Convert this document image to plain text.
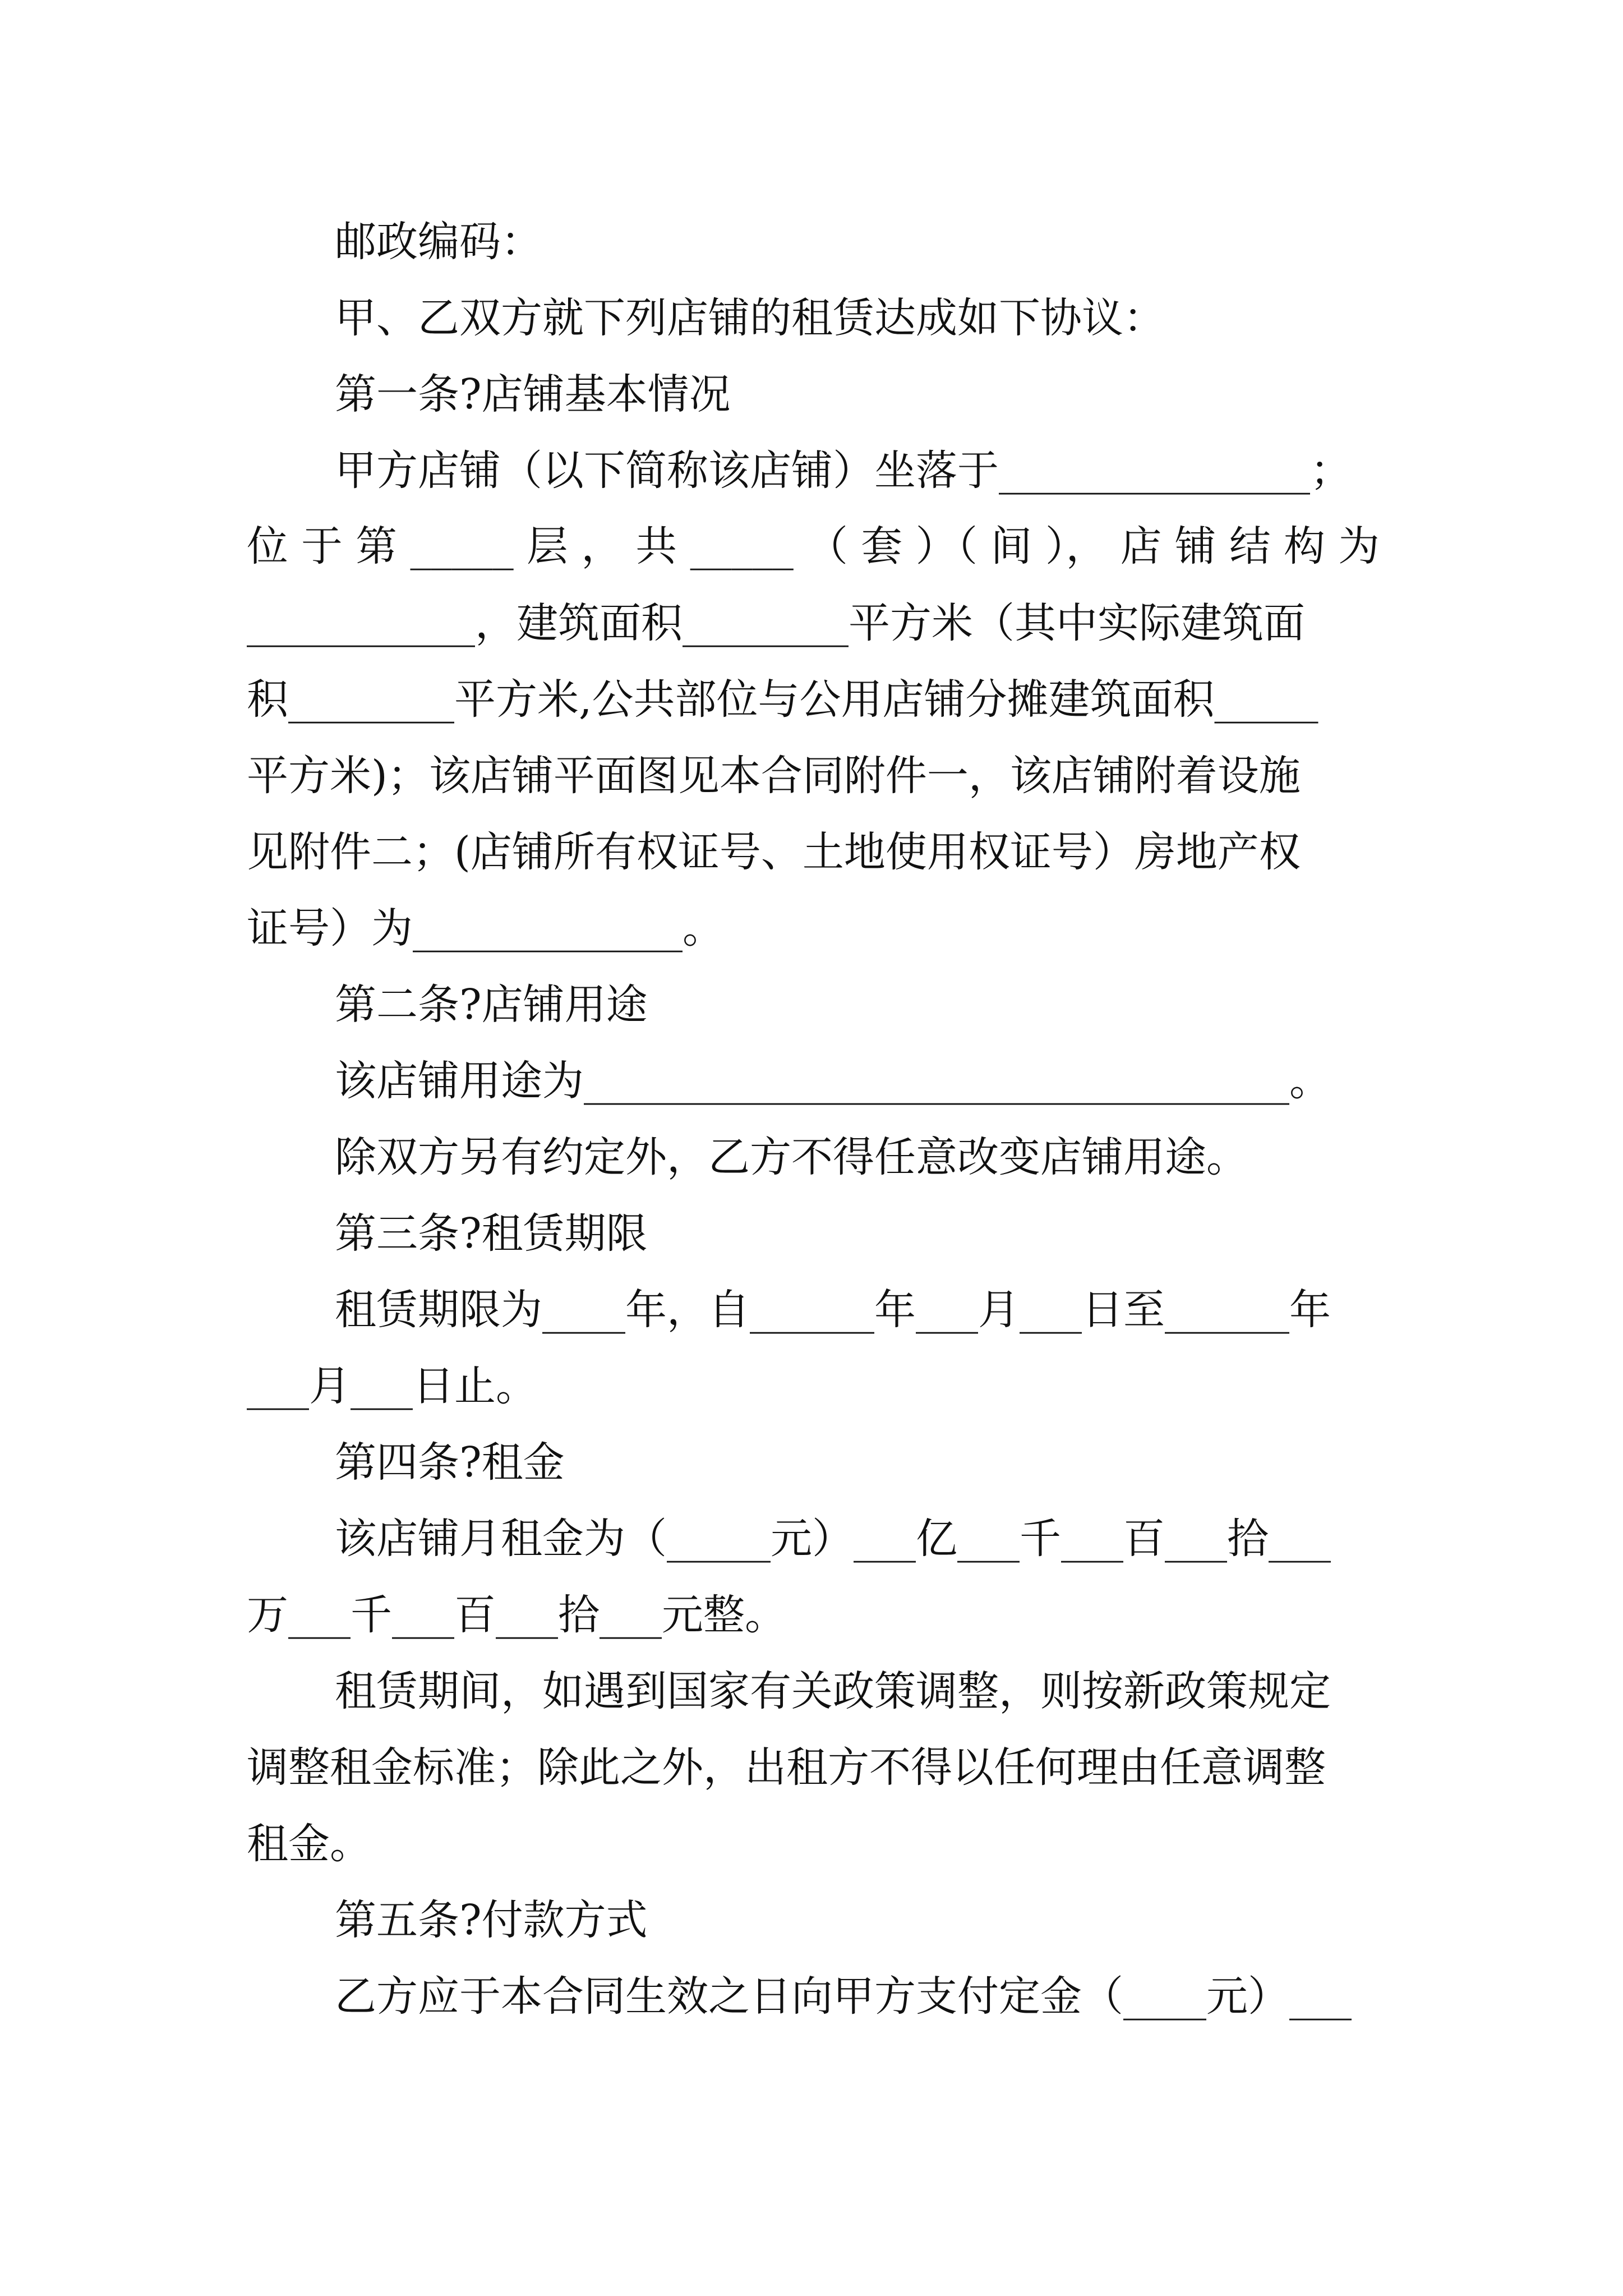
邮政编码：
甲、乙双方就下列店铺的租赁达成如下协议：
第一条?店铺基本情况
甲方店铺（以下简称该店铺）坐落于_______________；
位 于 第 _____ 层 ， 共 _____ （ 套 ）（ 间 ）， 店 铺 结 构 为
___________，建筑面积________平方米（其中实际建筑面
积________平方米,公共部位与公用店铺分摊建筑面积_____
平方米)；该店铺平面图见本合同附件一，该店铺附着设施
见附件二；(店铺所有权证号、土地使用权证号）房地产权
证号）为_____________。
第二条?店铺用途
该店铺用途为__________________________________。
除双方另有约定外，乙方不得任意改变店铺用途。
第三条?租赁期限
租赁期限为____年，自______年___月___日至______年
___月___日止。
第四条?租金
该店铺月租金为（_____元）___亿___千___百___拾___
万___千___百___拾___元整。
租赁期间，如遇到国家有关政策调整，则按新政策规定
调整租金标准；除此之外，出租方不得以任何理由任意调整
租金。
第五条?付款方式
乙方应于本合同生效之日向甲方支付定金（____元）___
